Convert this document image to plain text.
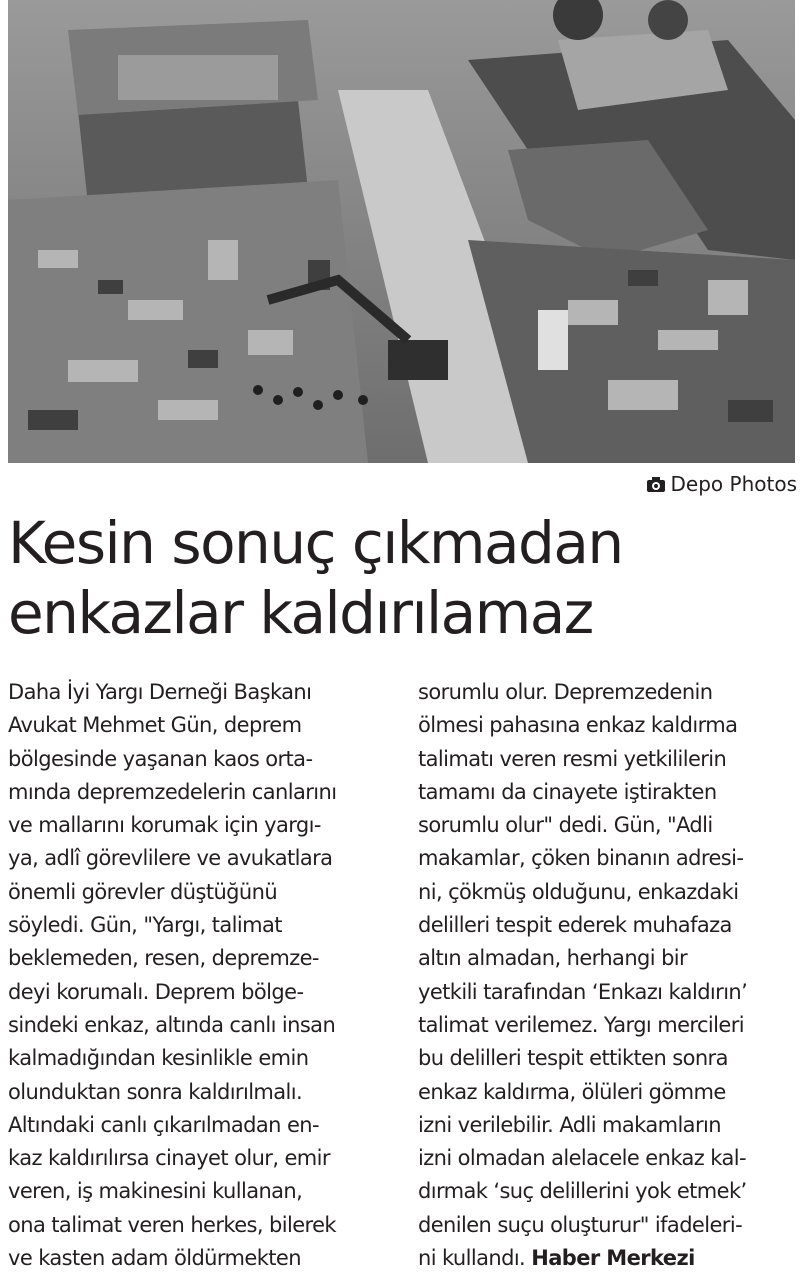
Depo Photos
Kesin sonuç çıkmadan
enkazlar kaldırılamaz
Daha İyi Yargı Derneği Başkanı
Avukat Mehmet Gün, deprem
bölgesinde yaşanan kaos orta-
mında depremzedelerin canlarını
ve mallarını korumak için yargı-
ya, adlî görevlilere ve avukatlara
önemli görevler düştüğünü
söyledi. Gün, "Yargı, talimat
beklemeden, resen, depremze-
deyi korumalı. Deprem bölge-
sindeki enkaz, altında canlı insan
kalmadığından kesinlikle emin
olunduktan sonra kaldırılmalı.
Altındaki canlı çıkarılmadan en-
kaz kaldırılırsa cinayet olur, emir
veren, iş makinesini kullanan,
ona talimat veren herkes, bilerek
ve kasten adam öldürmekten
sorumlu olur. Depremzedenin
ölmesi pahasına enkaz kaldırma
talimatı veren resmi yetkililerin
tamamı da cinayete iştirakten
sorumlu olur" dedi. Gün, "Adli
makamlar, çöken binanın adresi-
ni, çökmüş olduğunu, enkazdaki
delilleri tespit ederek muhafaza
altın almadan, herhangi bir
yetkili tarafından ‘Enkazı kaldırın’
talimat verilemez. Yargı mercileri
bu delilleri tespit ettikten sonra
enkaz kaldırma, ölüleri gömme
izni verilebilir. Adli makamların
izni olmadan alelacele enkaz kal-
dırmak ‘suç delillerini yok etmek’
denilen suçu oluşturur" ifadeleri-
ni kullandı. Haber Merkezi
